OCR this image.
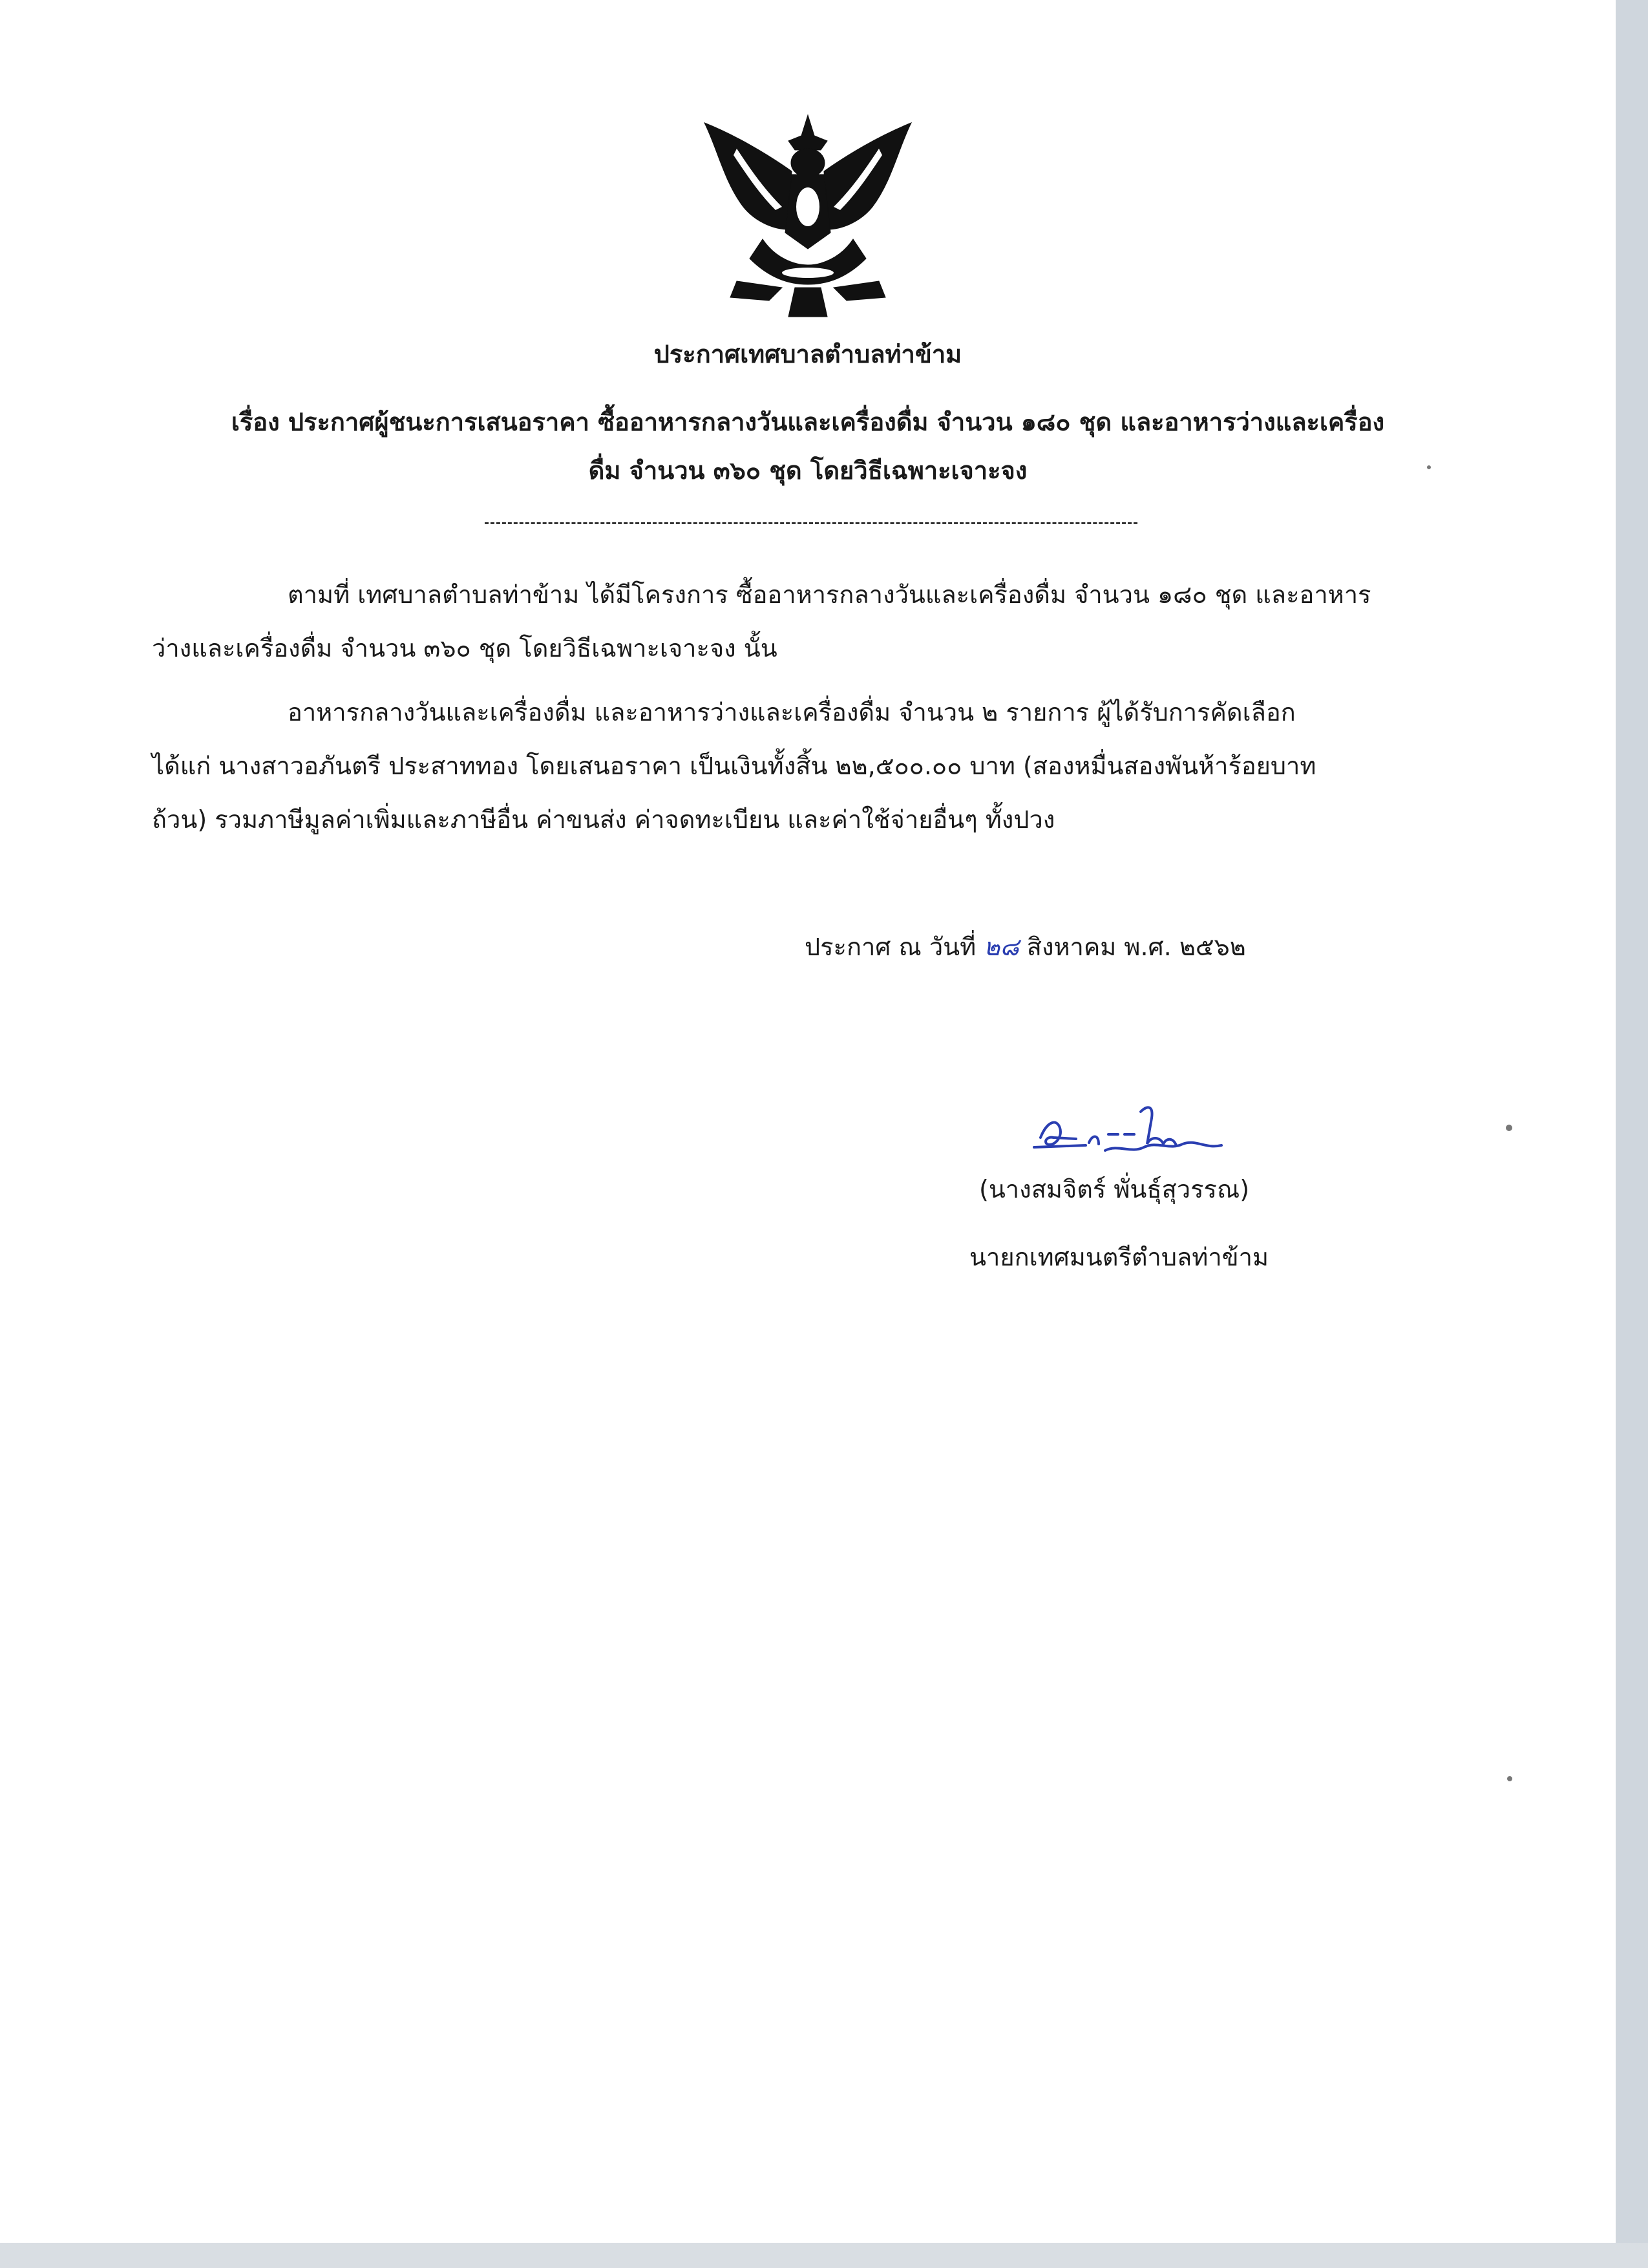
ประกาศเทศบาลตำบลท่าข้าม
เรื่อง ประกาศผู้ชนะการเสนอราคา ซื้ออาหารกลางวันและเครื่องดื่ม จำนวน ๑๘๐ ชุด และอาหารว่างและเครื่อง
ดื่ม จำนวน ๓๖๐ ชุด โดยวิธีเฉพาะเจาะจง
ตามที่ เทศบาลตำบลท่าข้าม ได้มีโครงการ ซื้ออาหารกลางวันและเครื่องดื่ม จำนวน ๑๘๐ ชุด และอาหาร
ว่างและเครื่องดื่ม จำนวน ๓๖๐ ชุด โดยวิธีเฉพาะเจาะจง นั้น
อาหารกลางวันและเครื่องดื่ม และอาหารว่างและเครื่องดื่ม จำนวน ๒ รายการ ผู้ได้รับการคัดเลือก
ได้แก่ นางสาวอภันตรี ประสาททอง โดยเสนอราคา เป็นเงินทั้งสิ้น ๒๒,๕๐๐.๐๐ บาท (สองหมื่นสองพันห้าร้อยบาท
ถ้วน) รวมภาษีมูลค่าเพิ่มและภาษีอื่น ค่าขนส่ง ค่าจดทะเบียน และค่าใช้จ่ายอื่นๆ ทั้งปวง
ประกาศ ณ วันที่ ๒๘ สิงหาคม พ.ศ. ๒๕๖๒
(นางสมจิตร์ พั่นธุ์สุวรรณ)
นายกเทศมนตรีตำบลท่าข้าม
